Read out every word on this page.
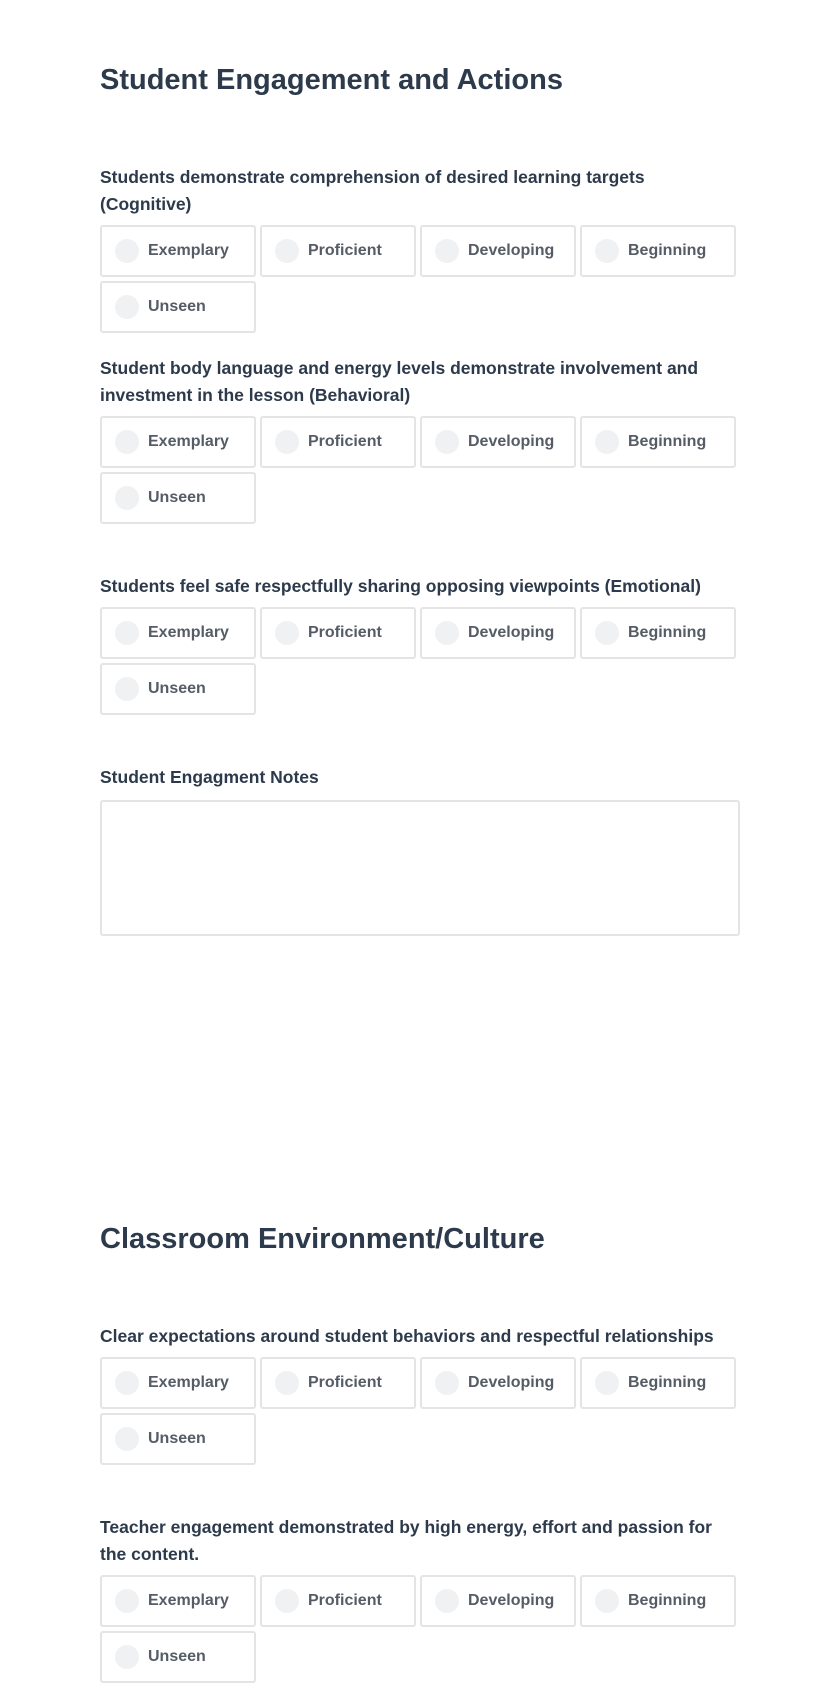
Student Engagement and Actions

Students demonstrate comprehension of desired learning targets (Cognitive)

Exemplary	Proficient	Developing	Beginning
Unseen

Student body language and energy levels demonstrate involvement and investment in the lesson (Behavioral)

Exemplary	Proficient	Developing	Beginning
Unseen

Students feel safe respectfully sharing opposing viewpoints (Emotional)

Exemplary	Proficient	Developing	Beginning
Unseen

Student Engagment Notes

Classroom Environment/Culture

Clear expectations around student behaviors and respectful relationships

Exemplary	Proficient	Developing	Beginning
Unseen

Teacher engagement demonstrated by high energy, effort and passion for the content.

Exemplary	Proficient	Developing	Beginning
Unseen
